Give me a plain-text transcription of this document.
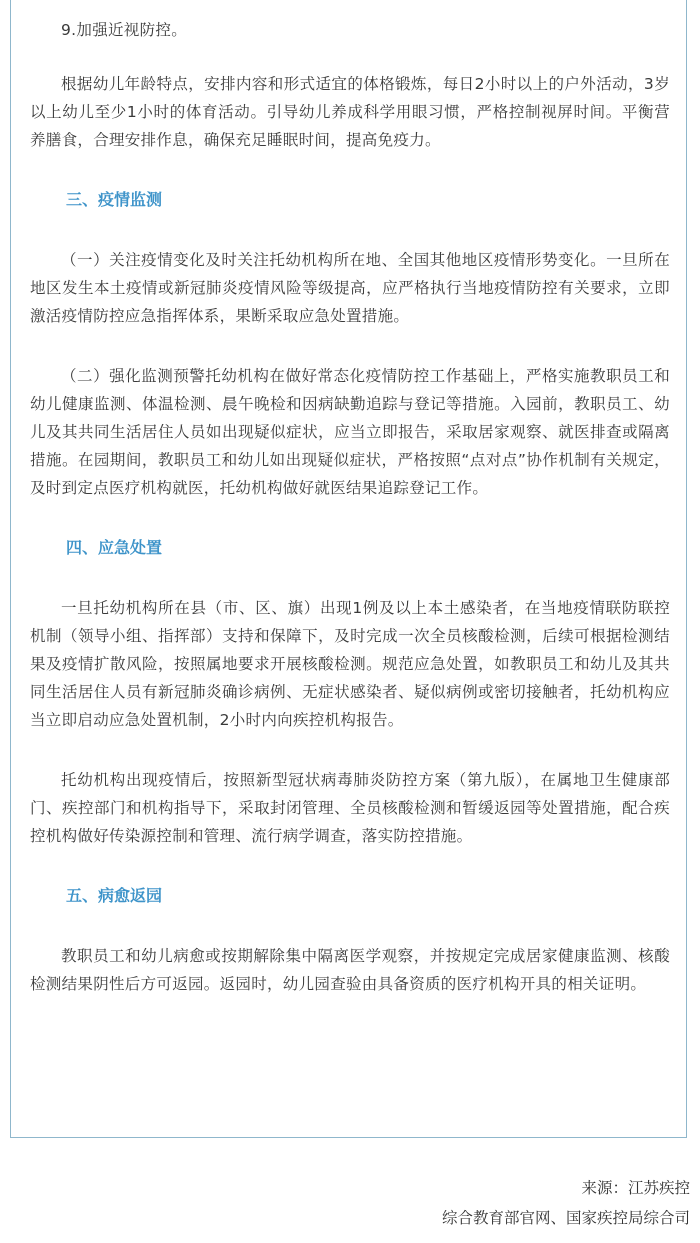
9.加强近视防控。

根据幼儿年龄特点，安排内容和形式适宜的体格锻炼，每日2小时以上的户外活动，3岁以上幼儿至少1小时的体育活动。引导幼儿养成科学用眼习惯，严格控制视屏时间。平衡营养膳食，合理安排作息，确保充足睡眠时间，提高免疫力。

三、疫情监测

（一）关注疫情变化及时关注托幼机构所在地、全国其他地区疫情形势变化。一旦所在地区发生本土疫情或新冠肺炎疫情风险等级提高，应严格执行当地疫情防控有关要求，立即激活疫情防控应急指挥体系，果断采取应急处置措施。

（二）强化监测预警托幼机构在做好常态化疫情防控工作基础上，严格实施教职员工和幼儿健康监测、体温检测、晨午晚检和因病缺勤追踪与登记等措施。入园前，教职员工、幼儿及其共同生活居住人员如出现疑似症状，应当立即报告，采取居家观察、就医排查或隔离措施。在园期间，教职员工和幼儿如出现疑似症状，严格按照“点对点”协作机制有关规定，及时到定点医疗机构就医，托幼机构做好就医结果追踪登记工作。

四、应急处置

一旦托幼机构所在县（市、区、旗）出现1例及以上本土感染者，在当地疫情联防联控机制（领导小组、指挥部）支持和保障下，及时完成一次全员核酸检测，后续可根据检测结果及疫情扩散风险，按照属地要求开展核酸检测。规范应急处置，如教职员工和幼儿及其共同生活居住人员有新冠肺炎确诊病例、无症状感染者、疑似病例或密切接触者，托幼机构应当立即启动应急处置机制，2小时内向疾控机构报告。

托幼机构出现疫情后，按照新型冠状病毒肺炎防控方案（第九版），在属地卫生健康部门、疾控部门和机构指导下，采取封闭管理、全员核酸检测和暂缓返园等处置措施，配合疾控机构做好传染源控制和管理、流行病学调查，落实防控措施。

五、病愈返园

教职员工和幼儿病愈或按期解除集中隔离医学观察，并按规定完成居家健康监测、核酸检测结果阴性后方可返园。返园时，幼儿园查验由具备资质的医疗机构开具的相关证明。

来源：江苏疾控
综合教育部官网、国家疾控局综合司
